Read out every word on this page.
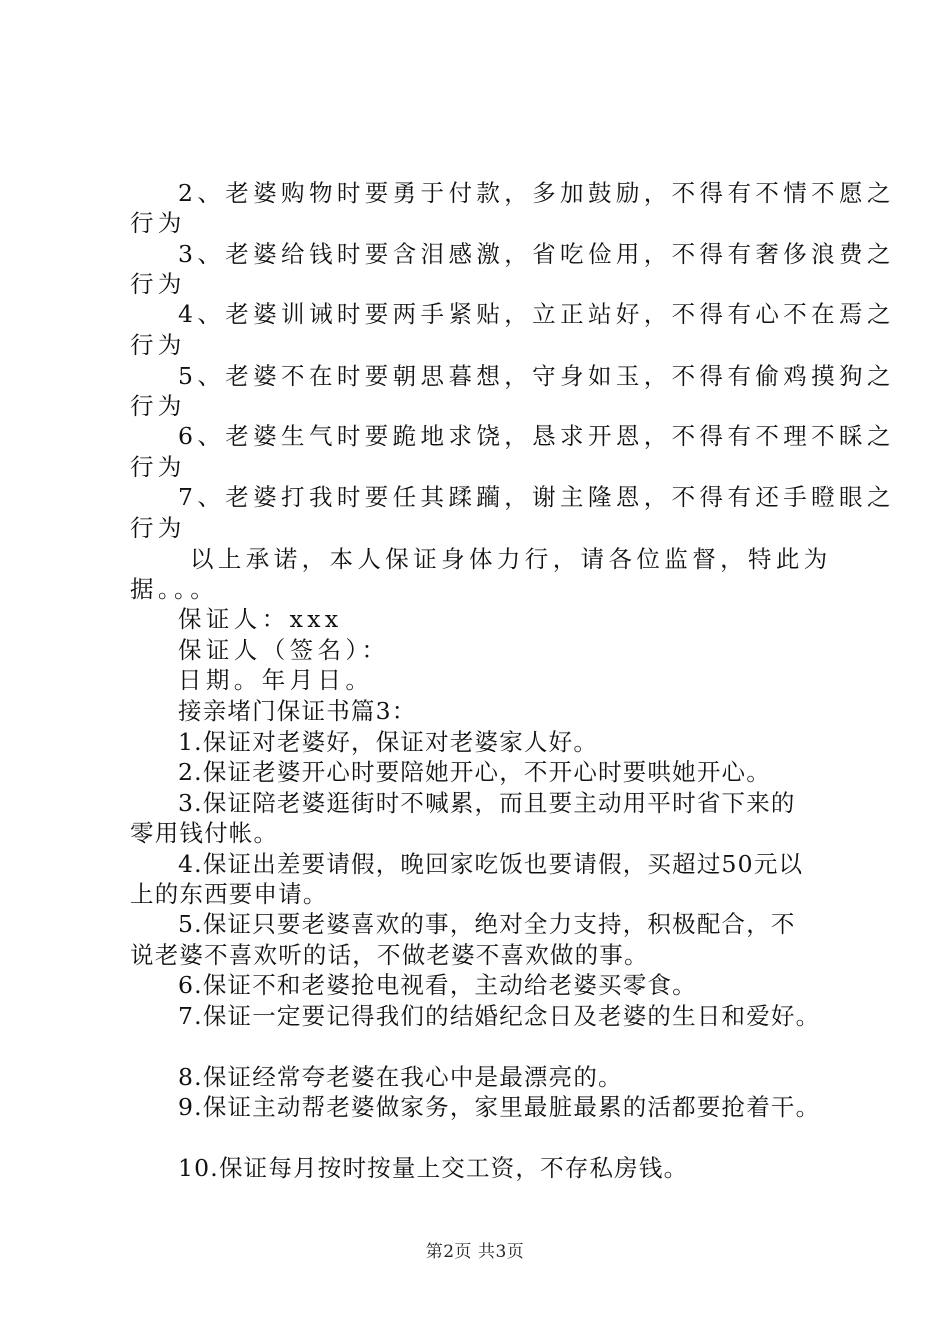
2、老婆购物时要勇于付款，多加鼓励，不得有不情不愿之
行为
3、老婆给钱时要含泪感激，省吃俭用，不得有奢侈浪费之
行为
4、老婆训诫时要两手紧贴，立正站好，不得有心不在焉之
行为
5、老婆不在时要朝思暮想，守身如玉，不得有偷鸡摸狗之
行为
6、老婆生气时要跪地求饶，恳求开恩，不得有不理不睬之
行为
7、老婆打我时要任其蹂躏，谢主隆恩，不得有还手瞪眼之
行为
以上承诺，本人保证身体力行，请各位监督，特此为
据。。。
保证人：xxx
保证人（签名）：
日期。年月日。
接亲堵门保证书篇3：
1.保证对老婆好，保证对老婆家人好。
2.保证老婆开心时要陪她开心，不开心时要哄她开心。
3.保证陪老婆逛街时不喊累，而且要主动用平时省下来的
零用钱付帐。
4.保证出差要请假，晚回家吃饭也要请假，买超过50元以
上的东西要申请。
5.保证只要老婆喜欢的事，绝对全力支持，积极配合，不
说老婆不喜欢听的话，不做老婆不喜欢做的事。
6.保证不和老婆抢电视看，主动给老婆买零食。
7.保证一定要记得我们的结婚纪念日及老婆的生日和爱好。
8.保证经常夸老婆在我心中是最漂亮的。
9.保证主动帮老婆做家务，家里最脏最累的活都要抢着干。
10.保证每月按时按量上交工资，不存私房钱。
第2页 共3页
